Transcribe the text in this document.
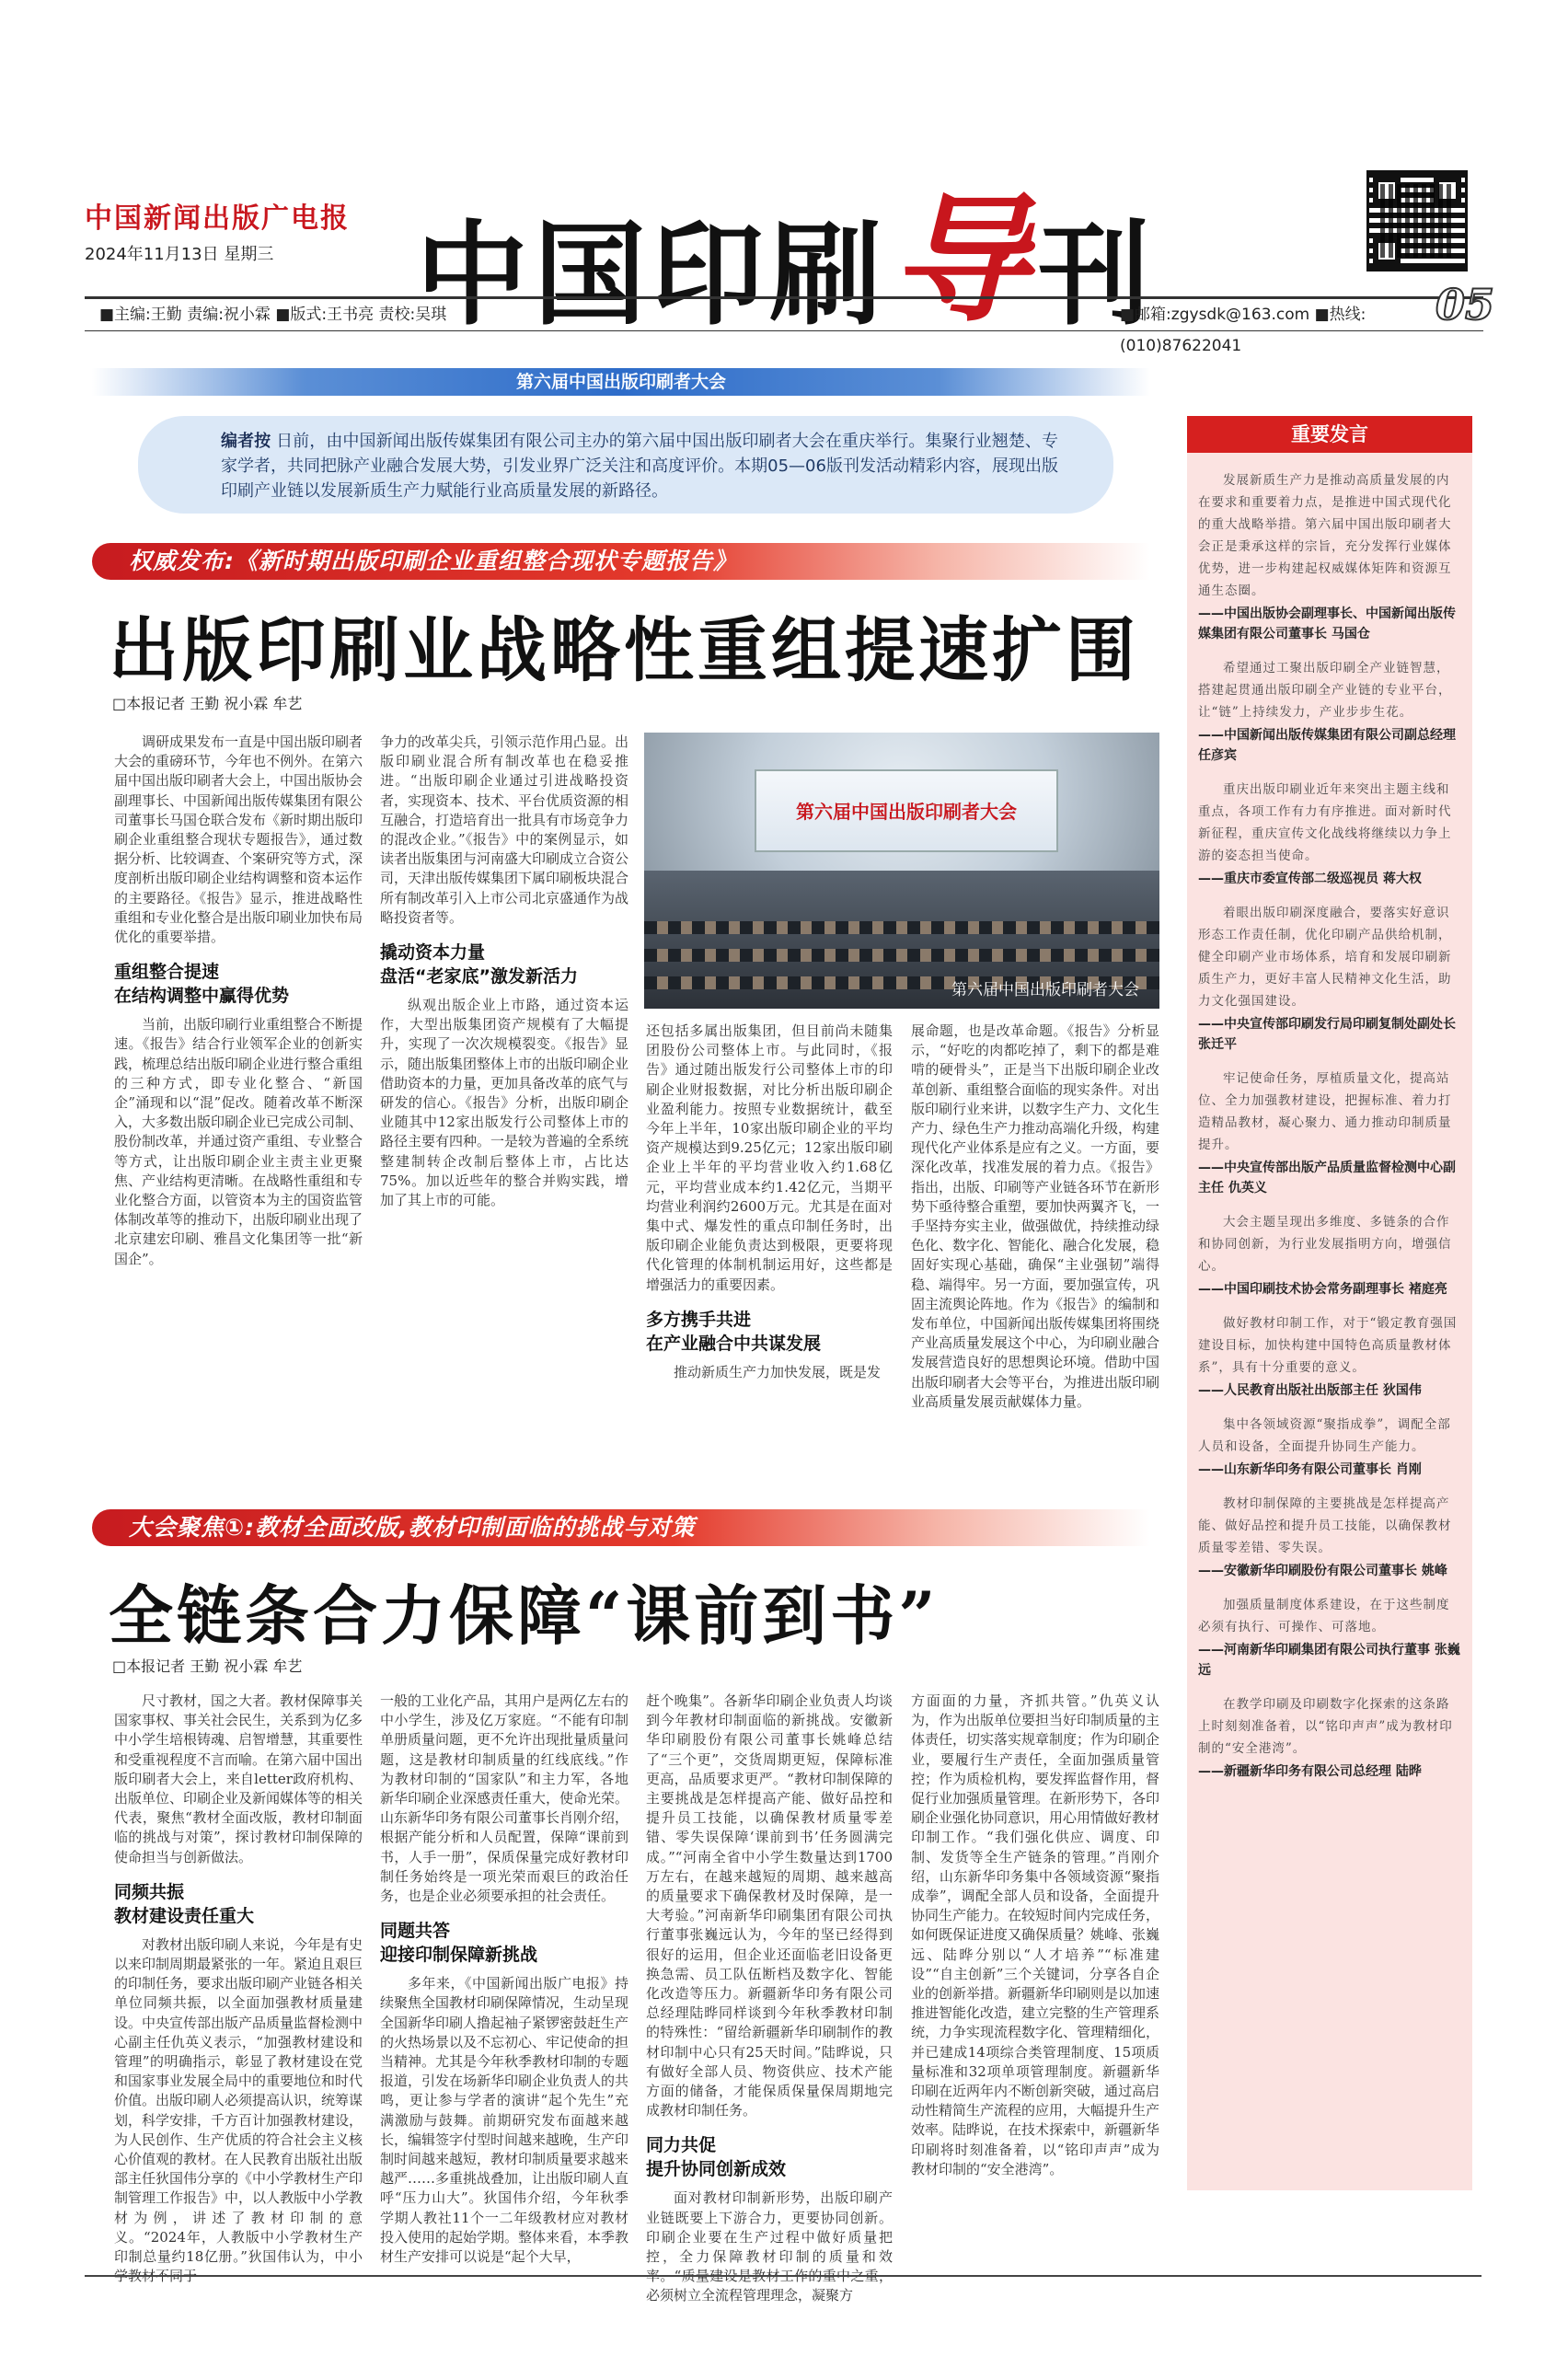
中国新闻出版广电报
2024年11月13日 星期三	中国印刷导刊
■主编:王勤 责编:祝小霖 ■版式:王书亮 责校:吴琪	■邮箱:zgysdk@163.com ■热线:(010)87622041
05
第六届中国出版印刷者大会
编者按 日前，由中国新闻出版传媒集团有限公司主办的第六届中国出版印刷者大会在重庆举行。集聚行业翘楚、专家学者，共同把脉产业融合发展大势，引发业界广泛关注和高度评价。本期05—06版刊发活动精彩内容，展现出版印刷产业链以发展新质生产力赋能行业高质量发展的新路径。
重要发言
发展新质生产力是推动高质量发展的内在要求和重要着力点，是推进中国式现代化的重大战略举措。第六届中国出版印刷者大会正是秉承这样的宗旨，充分发挥行业媒体优势，进一步构建起权威媒体矩阵和资源互通生态圈。
——中国出版协会副理事长、中国新闻出版传媒集团有限公司董事长 马国仓
希望通过工聚出版印刷全产业链智慧，搭建起贯通出版印刷全产业链的专业平台，让“链”上持续发力，产业步步生花。
——中国新闻出版传媒集团有限公司副总经理 任彦宾
重庆出版印刷业近年来突出主题主线和重点，各项工作有力有序推进。面对新时代新征程，重庆宣传文化战线将继续以力争上游的姿态担当使命。
——重庆市委宣传部二级巡视员 蒋大权
着眼出版印刷深度融合，要落实好意识形态工作责任制，优化印刷产品供给机制，健全印刷产业市场体系，培育和发展印刷新质生产力，更好丰富人民精神文化生活，助力文化强国建设。
——中央宣传部印刷发行局印刷复制处副处长 张迁平
牢记使命任务，厚植质量文化，提高站位、全力加强教材建设，把握标准、着力打造精品教材，凝心聚力、通力推动印制质量提升。
——中央宣传部出版产品质量监督检测中心副主任 仇英义
大会主题呈现出多维度、多链条的合作和协同创新，为行业发展指明方向，增强信心。
——中国印刷技术协会常务副理事长 褚庭亮
做好教材印制工作，对于“锻定教育强国建设目标，加快构建中国特色高质量教材体系”，具有十分重要的意义。
——人民教育出版社出版部主任 狄国伟
集中各领域资源“聚指成拳”，调配全部人员和设备，全面提升协同生产能力。
——山东新华印务有限公司董事长 肖刚
教材印制保障的主要挑战是怎样提高产能、做好品控和提升员工技能，以确保教材质量零差错、零失误。
——安徽新华印刷股份有限公司董事长 姚峰
加强质量制度体系建设，在于这些制度必须有执行、可操作、可落地。
——河南新华印刷集团有限公司执行董事 张巍远
在教学印刷及印刷数字化探索的这条路上时刻刻准备着，以“铭印声声”成为教材印制的“安全港湾”。
——新疆新华印务有限公司总经理 陆晔
权威发布:《新时期出版印刷企业重组整合现状专题报告》
出版印刷业战略性重组提速扩围
□本报记者 王勤 祝小霖 牟艺

调研成果发布一直是中国出版印刷者大会的重磅环节，今年也不例外。在第六届中国出版印刷者大会上，中国出版协会副理事长、中国新闻出版传媒集团有限公司董事长马国仓联合发布《新时期出版印刷企业重组整合现状专题报告》，通过数据分析、比较调查、个案研究等方式，深度剖析出版印刷企业结构调整和资本运作的主要路径。《报告》显示，推进战略性重组和专业化整合是出版印刷业加快布局优化的重要举措。

重组整合提速
在结构调整中赢得优势

当前，出版印刷行业重组整合不断提速。《报告》结合行业领军企业的创新实践，梳理总结出版印刷企业进行整合重组的三种方式，即专业化整合、“新国企”涌现和以“混”促改。随着改革不断深入，大多数出版印刷企业已完成公司制、股份制改革，并通过资产重组、专业整合等方式，让出版印刷企业主责主业更聚焦、产业结构更清晰。在战略性重组和专业化整合方面，以管资本为主的国资监管体制改革等的推动下，出版印刷业出现了北京建宏印刷、雅昌文化集团等一批“新国企”。

争力的改革尖兵，引领示范作用凸显。出版印刷业混合所有制改革也在稳妥推进。“出版印刷企业通过引进战略投资者，实现资本、技术、平台优质资源的相互融合，打造培育出一批具有市场竞争力的混改企业。”《报告》中的案例显示，如读者出版集团与河南盛大印刷成立合资公司，天津出版传媒集团下属印刷板块混合所有制改革引入上市公司北京盛通作为战略投资者等。

撬动资本力量
盘活“老家底”激发新活力

纵观出版企业上市路，通过资本运作，大型出版集团资产规模有了大幅提升，实现了一次次规模裂变。《报告》显示，随出版集团整体上市的出版印刷企业借助资本的力量，更加具备改革的底气与研发的信心。《报告》分析，出版印刷企业随其中12家出版发行公司整体上市的路径主要有四种。一是较为普遍的全系统整建制转企改制后整体上市，占比达75%。加以近些年的整合并购实践，增加了其上市的可能。

第六届中国出版印刷者大会
第六届中国出版印刷者大会

还包括多属出版集团，但目前尚未随集团股份公司整体上市。与此同时，《报告》通过随出版发行公司整体上市的印刷企业财报数据，对比分析出版印刷企业盈利能力。按照专业数据统计，截至今年上半年，10家出版印刷企业的平均资产规模达到9.25亿元；12家出版印刷企业上半年的平均营业收入约1.68亿元，平均营业成本约1.42亿元，当期平均营业利润约2600万元。尤其是在面对集中式、爆发性的重点印制任务时，出版印刷企业能负责达到极限，更要将现代化管理的体制机制运用好，这些都是增强活力的重要因素。

多方携手共进
在产业融合中共谋发展

推动新质生产力加快发展，既是发

展命题，也是改革命题。《报告》分析显示，“好吃的肉都吃掉了，剩下的都是难啃的硬骨头”，正是当下出版印刷企业改革创新、重组整合面临的现实条件。对出版印刷行业来讲，以数字生产力、文化生产力、绿色生产力推动高端化升级，构建现代化产业体系是应有之义。一方面，要深化改革，找准发展的着力点。《报告》指出，出版、印刷等产业链各环节在新形势下亟待整合重塑，要加快两翼齐飞，一手坚持夯实主业，做强做优，持续推动绿色化、数字化、智能化、融合化发展，稳固好实现心基础，确保“主业强韧”端得稳、端得牢。另一方面，要加强宣传，巩固主流舆论阵地。作为《报告》的编制和发布单位，中国新闻出版传媒集团将围绕产业高质量发展这个中心，为印刷业融合发展营造良好的思想舆论环境。借助中国出版印刷者大会等平台，为推进出版印刷业高质量发展贡献媒体力量。

大会聚焦①:教材全面改版,教材印制面临的挑战与对策
全链条合力保障“课前到书”
□本报记者 王勤 祝小霖 牟艺

尺寸教材，国之大者。教材保障事关国家事权、事关社会民生，关系到为亿多中小学生培根铸魂、启智增慧，其重要性和受重视程度不言而喻。在第六届中国出版印刷者大会上，来自letter政府机构、出版单位、印刷企业及新闻媒体等的相关代表，聚焦“教材全面改版，教材印制面临的挑战与对策”，探讨教材印制保障的使命担当与创新做法。

同频共振
教材建设责任重大

对教材出版印刷人来说，今年是有史以来印制周期最紧张的一年。紧迫且艰巨的印制任务，要求出版印刷产业链各相关单位同频共振，以全面加强教材质量建设。中央宣传部出版产品质量监督检测中心副主任仇英义表示，“加强教材建设和管理”的明确指示，彰显了教材建设在党和国家事业发展全局中的重要地位和时代价值。出版印刷人必须提高认识，统筹谋划，科学安排，千方百计加强教材建设，为人民创作、生产优质的符合社会主义核心价值观的教材。在人民教育出版社出版部主任狄国伟分享的《中小学教材生产印制管理工作报告》中，以人教版中小学教材为例，讲述了教材印制的意义。“2024年，人教版中小学教材生产印制总量约18亿册。”狄国伟认为，中小学教材不同于

一般的工业化产品，其用户是两亿左右的中小学生，涉及亿万家庭。“不能有印制单册质量问题，更不允许出现批量质量问题，这是教材印制质量的红线底线。”作为教材印制的“国家队”和主力军，各地新华印刷企业深感责任重大，使命光荣。山东新华印务有限公司董事长肖刚介绍，根据产能分析和人员配置，保障“课前到书，人手一册”，保质保量完成好教材印制任务始终是一项光荣而艰巨的政治任务，也是企业必须要承担的社会责任。

同题共答
迎接印制保障新挑战

多年来，《中国新闻出版广电报》持续聚焦全国教材印刷保障情况，生动呈现全国新华印刷人撸起袖子紧锣密鼓赶生产的火热场景以及不忘初心、牢记使命的担当精神。尤其是今年秋季教材印制的专题报道，引发在场新华印刷企业负责人的共鸣，更让参与学者的演讲“起个先生”充满激励与鼓舞。前期研究发布面越来越长，编辑签字付型时间越来越晚，生产印制时间越来越短，教材印制质量要求越来越严……多重挑战叠加，让出版印刷人直呼“压力山大”。狄国伟介绍，今年秋季学期人教社11个一二年级教材应对教材投入使用的起始学期。整体来看，本季教材生产安排可以说是“起个大早，

赶个晚集”。各新华印刷企业负责人均谈到今年教材印制面临的新挑战。安徽新华印刷股份有限公司董事长姚峰总结了“三个更”，交货周期更短，保障标准更高，品质要求更严。“教材印制保障的主要挑战是怎样提高产能、做好品控和提升员工技能，以确保教材质量零差错、零失误保障‘课前到书’任务圆满完成。”“河南全省中小学生数量达到1700万左右，在越来越短的周期、越来越高的质量要求下确保教材及时保障，是一大考验。”河南新华印刷集团有限公司执行董事张巍远认为，今年的坚已经得到很好的运用，但企业还面临老旧设备更换急需、员工队伍断档及数字化、智能化改造等压力。新疆新华印务有限公司总经理陆晔同样谈到今年秋季教材印制的特殊性：“留给新疆新华印刷制作的教材印制中心只有25天时间。”陆晔说，只有做好全部人员、物资供应、技术产能方面的储备，才能保质保量保周期地完成教材印制任务。

同力共促
提升协同创新成效

面对教材印制新形势，出版印刷产业链既要上下游合力，更要协同创新。印刷企业要在生产过程中做好质量把控，全力保障教材印制的质量和效率。“质量建设是教材工作的重中之重，必须树立全流程管理理念，凝聚方

方面面的力量，齐抓共管。”仇英义认为，作为出版单位要担当好印制质量的主体责任，切实落实规章制度；作为印刷企业，要履行生产责任，全面加强质量管控；作为质检机构，要发挥监督作用，督促行业加强质量管理。在新形势下，各印刷企业强化协同意识，用心用情做好教材印制工作。“我们强化供应、调度、印制、发货等全生产链条的管理。”肖刚介绍，山东新华印务集中各领域资源“聚指成拳”，调配全部人员和设备，全面提升协同生产能力。在较短时间内完成任务，如何既保证进度又确保质量？姚峰、张巍远、陆晔分别以“人才培养”“标准建设”“自主创新”三个关键词，分享各自企业的创新举措。新疆新华印刷则是以加速推进智能化改造，建立完整的生产管理系统，力争实现流程数字化、管理精细化，并已建成14项综合类管理制度、15项质量标准和32项单项管理制度。新疆新华印刷在近两年内不断创新突破，通过高启动性精简生产流程的应用，大幅提升生产效率。陆晔说，在技术探索中，新疆新华印刷将时刻准备着，以“铭印声声”成为教材印制的“安全港湾”。
